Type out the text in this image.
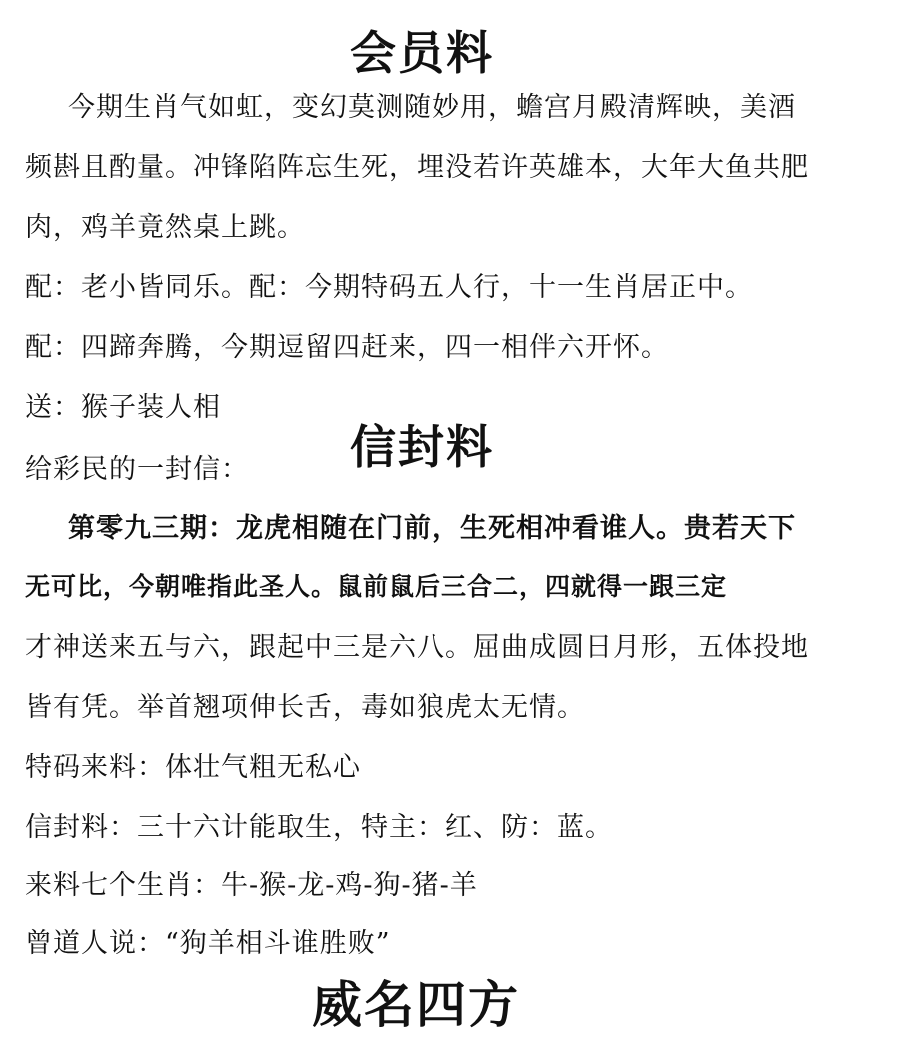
会员料
今期生肖气如虹，变幻莫测随妙用，蟾宫月殿清辉映，美酒
频斟且酌量。冲锋陷阵忘生死，埋没若许英雄本，大年大鱼共肥
肉，鸡羊竟然桌上跳。
配：老小皆同乐。配：今期特码五人行，十一生肖居正中。
配：四蹄奔腾，今期逗留四赶来，四一相伴六开怀。
送：猴子装人相
信封料
给彩民的一封信：
第零九三期：龙虎相随在门前，生死相冲看谁人。贵若天下
无可比，今朝唯指此圣人。鼠前鼠后三合二，四就得一跟三定
才神送来五与六，跟起中三是六八。屈曲成圆日月形，五体投地
皆有凭。举首翘项伸长舌，毒如狼虎太无情。
特码来料：体壮气粗无私心
信封料：三十六计能取生，特主：红、防：蓝。
来料七个生肖：牛-猴-龙-鸡-狗-猪-羊
曾道人说：“狗羊相斗谁胜败”
威名四方
